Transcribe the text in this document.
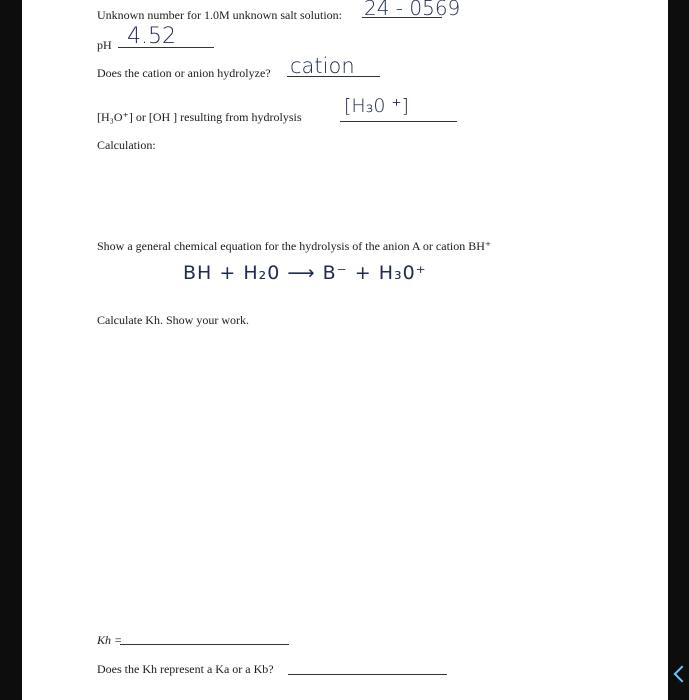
Unknown number for 1.0M unknown salt solution: 24 - 0569
pH 4.52
Does the cation or anion hydrolyze? cation
[H₃O⁺] or [OH ] resulting from hydrolysis [H₃0 ⁺]
Calculation:
Show a general chemical equation for the hydrolysis of the anion A or cation BH⁺
BH + H₂0 ⟶ B⁻ + H₃0⁺
Calculate Kh. Show your work.
Kh =
Does the Kh represent a Ka or a Kb?
